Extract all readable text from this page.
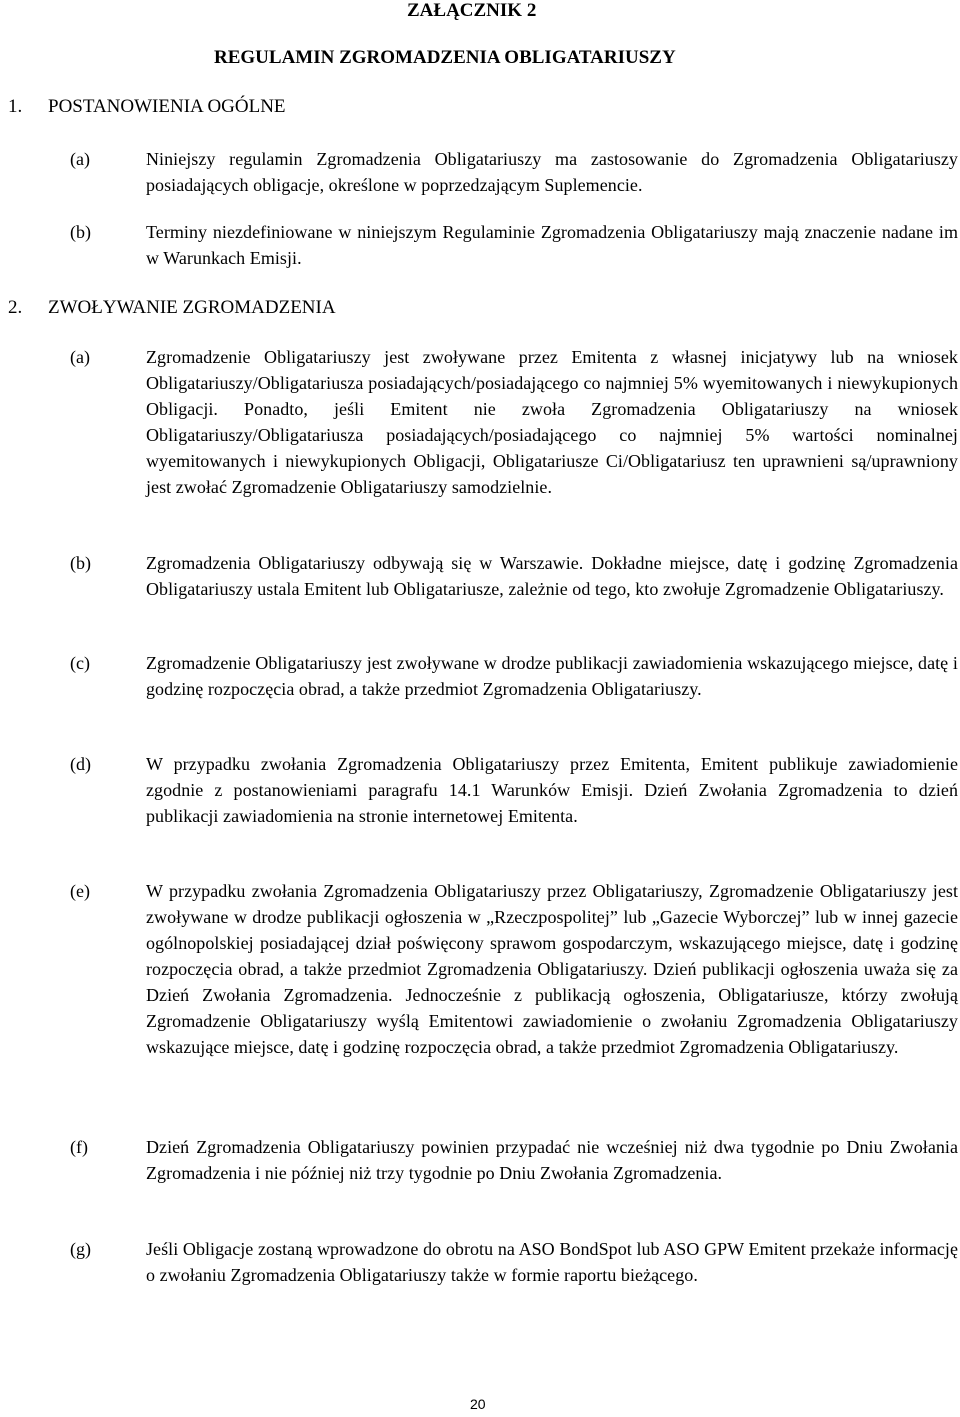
ZAŁĄCZNIK 2
REGULAMIN ZGROMADZENIA OBLIGATARIUSZY
1. POSTANOWIENIA OGÓLNE
(a)	Niniejszy regulamin Zgromadzenia Obligatariuszy ma zastosowanie do Zgromadzenia Obligatariuszy posiadających obligacje, określone w poprzedzającym Suplemencie.
(b)	Terminy niezdefiniowane w niniejszym Regulaminie Zgromadzenia Obligatariuszy mają znaczenie nadane im w Warunkach Emisji.
2. ZWOŁYWANIE ZGROMADZENIA
(a)	Zgromadzenie Obligatariuszy jest zwoływane przez Emitenta z własnej inicjatywy lub na wniosek Obligatariuszy/Obligatariusza posiadających/posiadającego co najmniej 5% wyemitowanych i niewykupionych Obligacji. Ponadto, jeśli Emitent nie zwoła Zgromadzenia Obligatariuszy na wniosek Obligatariuszy/Obligatariusza posiadających/posiadającego co najmniej 5% wartości nominalnej wyemitowanych i niewykupionych Obligacji, Obligatariusze Ci/Obligatariusz ten uprawnieni są/uprawniony jest zwołać Zgromadzenie Obligatariuszy samodzielnie.
(b)	Zgromadzenia Obligatariuszy odbywają się w Warszawie. Dokładne miejsce, datę i godzinę Zgromadzenia Obligatariuszy ustala Emitent lub Obligatariusze, zależnie od tego, kto zwołuje Zgromadzenie Obligatariuszy.
(c)	Zgromadzenie Obligatariuszy jest zwoływane w drodze publikacji zawiadomienia wskazującego miejsce, datę i godzinę rozpoczęcia obrad, a także przedmiot Zgromadzenia Obligatariuszy.
(d)	W przypadku zwołania Zgromadzenia Obligatariuszy przez Emitenta, Emitent publikuje zawiadomienie zgodnie z postanowieniami paragrafu 14.1 Warunków Emisji. Dzień Zwołania Zgromadzenia to dzień publikacji zawiadomienia na stronie internetowej Emitenta.
(e)	W przypadku zwołania Zgromadzenia Obligatariuszy przez Obligatariuszy, Zgromadzenie Obligatariuszy jest zwoływane w drodze publikacji ogłoszenia w „Rzeczpospolitej” lub „Gazecie Wyborczej” lub w innej gazecie ogólnopolskiej posiadającej dział poświęcony sprawom gospodarczym, wskazującego miejsce, datę i godzinę rozpoczęcia obrad, a także przedmiot Zgromadzenia Obligatariuszy. Dzień publikacji ogłoszenia uważa się za Dzień Zwołania Zgromadzenia. Jednocześnie z publikacją ogłoszenia, Obligatariusze, którzy zwołują Zgromadzenie Obligatariuszy wyślą Emitentowi zawiadomienie o zwołaniu Zgromadzenia Obligatariuszy wskazujące miejsce, datę i godzinę rozpoczęcia obrad, a także przedmiot Zgromadzenia Obligatariuszy.
(f)	Dzień Zgromadzenia Obligatariuszy powinien przypadać nie wcześniej niż dwa tygodnie po Dniu Zwołania Zgromadzenia i nie później niż trzy tygodnie po Dniu Zwołania Zgromadzenia.
(g)	Jeśli Obligacje zostaną wprowadzone do obrotu na ASO BondSpot lub ASO GPW Emitent przekaże informację o zwołaniu Zgromadzenia Obligatariuszy także w formie raportu bieżącego.
20
